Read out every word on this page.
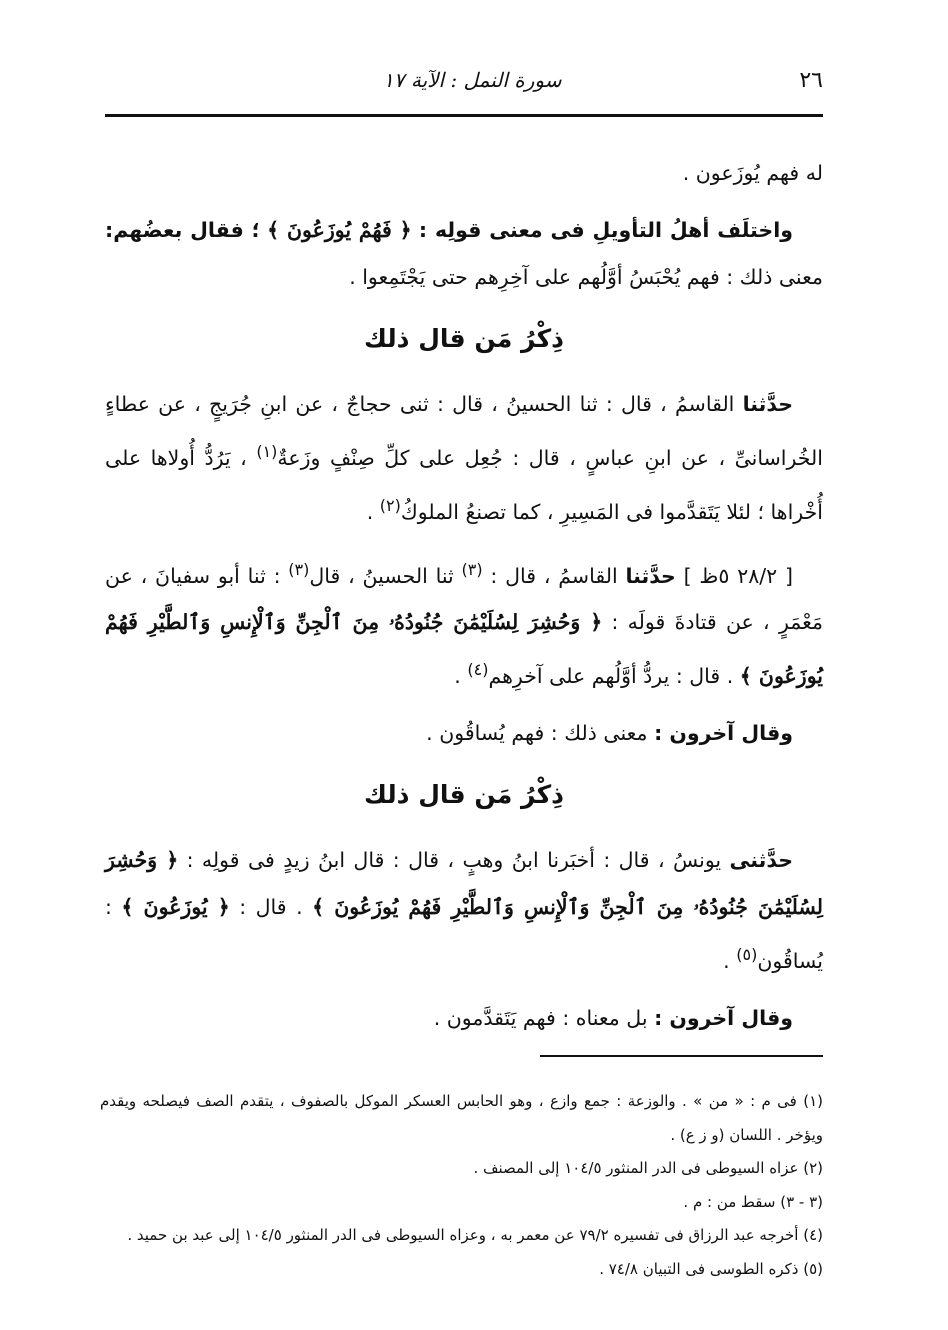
٢٦
سورة النمل : الآية ١٧

له فهم يُوزَعون .

واختلَف أهلُ التأويلِ فى معنى قولِه : ﴿ فَهُمْ يُوزَعُونَ ﴾ ؛ فقال بعضُهم: معنى ذلك : فهم يُحْبَسُ أوَّلُهم على آخِرِهم حتى يَجْتَمِعوا .

ذِكْرُ مَن قال ذلك

حدَّثنا القاسمُ ، قال : ثنا الحسينُ ، قال : ثنى حجاجٌ ، عن ابنِ جُرَيجٍ ، عن عطاءٍ الخُراسانىِّ ، عن ابنِ عباسٍ ، قال : جُعِل على كلِّ صِنْفٍ وزَعةٌ$^{(١)}$ ، يَرُدُّ أُولاها على أُخْراها ؛ لئلا يَتَقدَّموا فى المَسِيرِ ، كما تصنعُ الملوكُ$^{(٢)}$ .

[ ٢٨/٢ ٥ظ ] حدَّثنا القاسمُ ، قال : $^{(٣)}$ ثنا الحسينُ ، قال$^{(٣)}$ : ثنا أبو سفيانَ ، عن مَعْمَرٍ ، عن قتادةَ قولَه : ﴿ وَحُشِرَ لِسُلَيْمَٰنَ جُنُودُهُۥ مِنَ ٱلْجِنِّ وَٱلْإِنسِ وَٱلطَّيْرِ فَهُمْ يُوزَعُونَ ﴾ . قال : يردُّ أوَّلُهم على آخرِهم$^{(٤)}$ .

وقال آخرون : معنى ذلك : فهم يُساقُون .

ذِكْرُ مَن قال ذلك

حدَّثنى يونسُ ، قال : أخبَرنا ابنُ وهبٍ ، قال : قال ابنُ زيدٍ فى قولِه : ﴿ وَحُشِرَ لِسُلَيْمَٰنَ جُنُودُهُۥ مِنَ ٱلْجِنِّ وَٱلْإِنسِ وَٱلطَّيْرِ فَهُمْ يُوزَعُونَ ﴾ . قال : ﴿ يُوزَعُونَ ﴾ : يُساقُون$^{(٥)}$ .

وقال آخرون : بل معناه : فهم يَتَقدَّمون .

(١) فى م : « من » . والوزعة : جمع وازع ، وهو الحابس العسكر الموكل بالصفوف ، يتقدم الصف فيصلحه ويقدم ويؤخر . اللسان (و ز ع) .
(٢) عزاه السيوطى فى الدر المنثور ١٠٤/٥ إلى المصنف .
(٣ - ٣) سقط من : م .
(٤) أخرجه عبد الرزاق فى تفسيره ٧٩/٢ عن معمر به ، وعزاه السيوطى فى الدر المنثور ١٠٤/٥ إلى عبد بن حميد .
(٥) ذكره الطوسى فى التبيان ٧٤/٨ .
